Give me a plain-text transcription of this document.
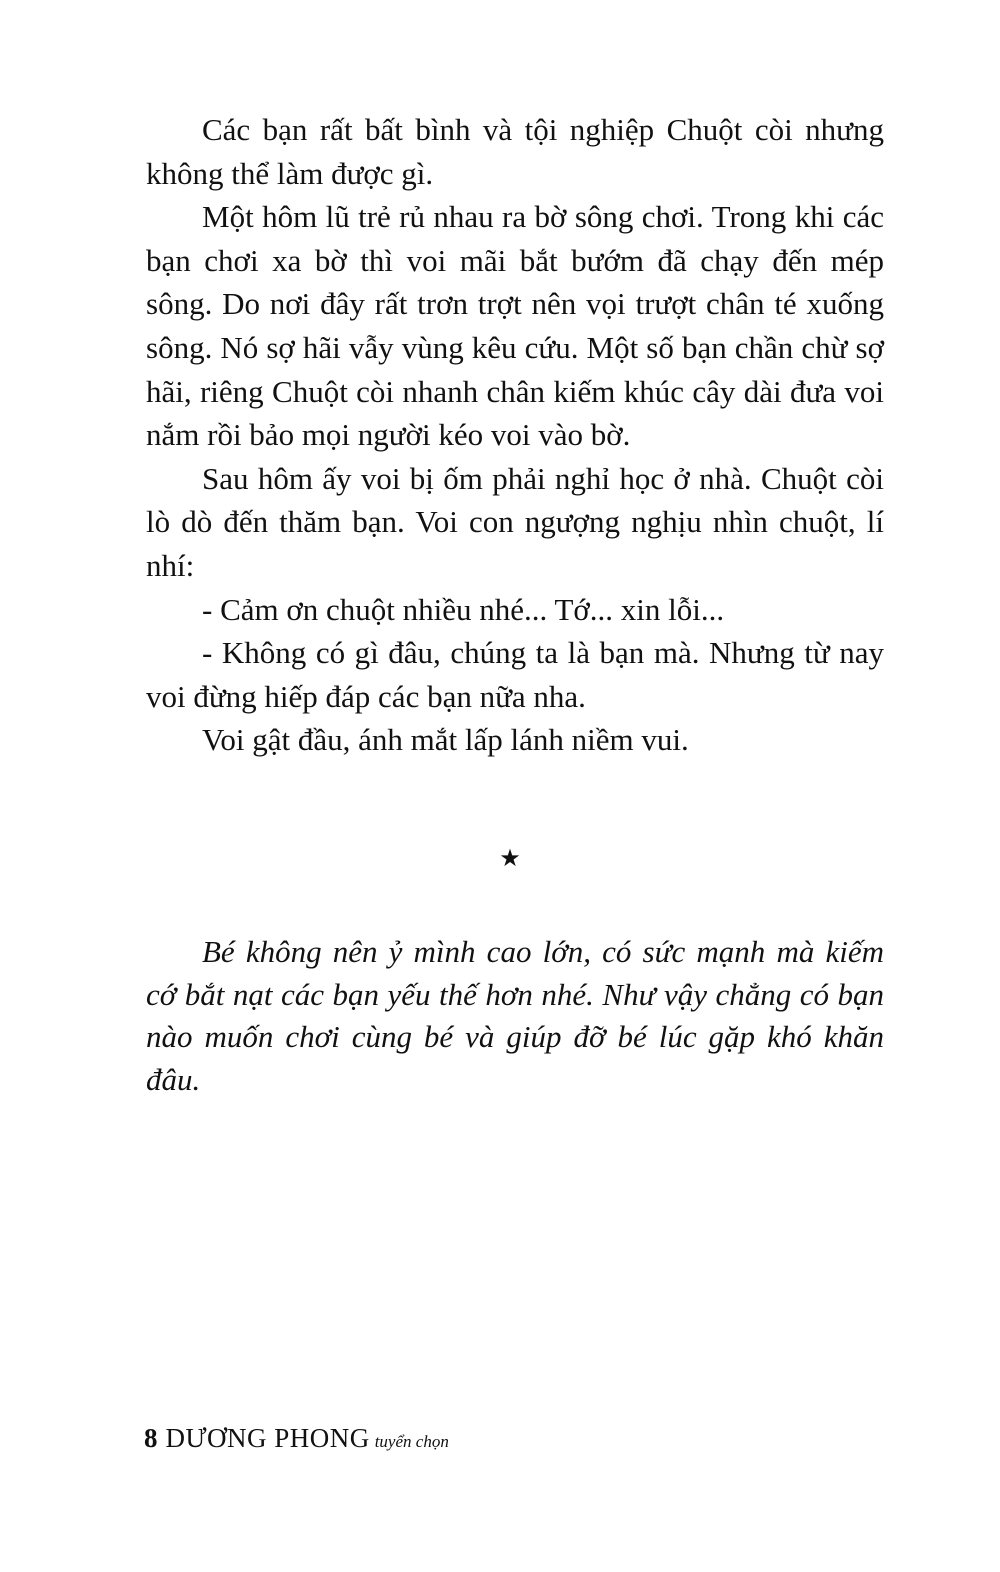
Các bạn rất bất bình và tội nghiệp Chuột còi nhưng không thể làm được gì.

Một hôm lũ trẻ rủ nhau ra bờ sông chơi. Trong khi các bạn chơi xa bờ thì voi mãi bắt bướm đã chạy đến mép sông. Do nơi đây rất trơn trợt nên vọi trượt chân té xuống sông. Nó sợ hãi vẫy vùng kêu cứu. Một số bạn chần chừ sợ hãi, riêng Chuột còi nhanh chân kiếm khúc cây dài đưa voi nắm rồi bảo mọi người kéo voi vào bờ.

Sau hôm ấy voi bị ốm phải nghỉ học ở nhà. Chuột còi lò dò đến thăm bạn. Voi con ngượng nghịu nhìn chuột, lí nhí:

- Cảm ơn chuột nhiều nhé... Tớ... xin lỗi...

- Không có gì đâu, chúng ta là bạn mà. Nhưng từ nay voi đừng hiếp đáp các bạn nữa nha.

Voi gật đầu, ánh mắt lấp lánh niềm vui.

★

Bé không nên ỷ mình cao lớn, có sức mạnh mà kiếm cớ bắt nạt các bạn yếu thế hơn nhé. Như vậy chẳng có bạn nào muốn chơi cùng bé và giúp đỡ bé lúc gặp khó khăn đâu.

8 DƯƠNG PHONG tuyển chọn
